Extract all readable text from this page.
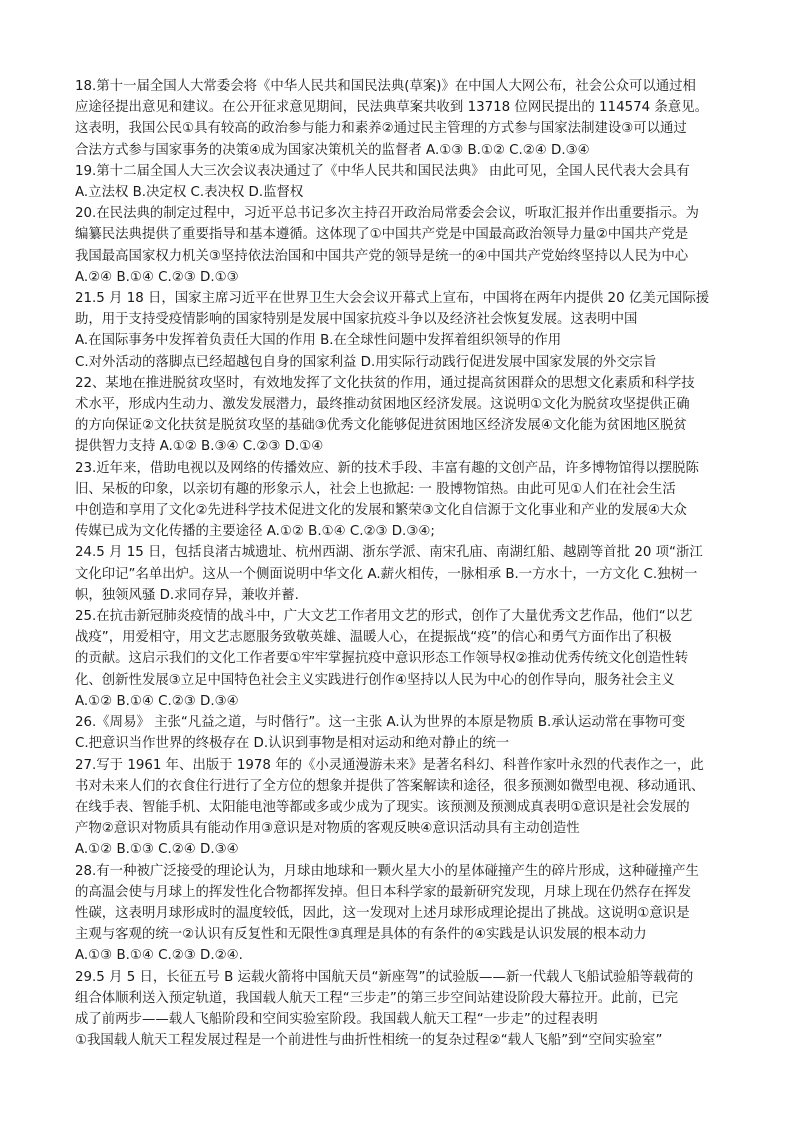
18.第十一届全国人大常委会将《中华人民共和国民法典(草案)》在中国人大网公布，社会公众可以通过相

应途径提出意见和建议。在公开征求意见期间，民法典草案共收到 13718 位网民提出的 114574 条意见。

这表明，我国公民①具有较高的政治参与能力和素养②通过民主管理的方式参与国家法制建设③可以通过

合法方式参与国家事务的决策④成为国家决策机关的监督者 A.①③ B.①② C.②④ D.③④

19.第十二届全国人大三次会议表决通过了《中华人民共和国民法典》 由此可见，全国人民代表大会具有

A.立法权 B.决定权 C.表决权 D.监督权

20.在民法典的制定过程中，习近平总书记多次主持召开政治局常委会会议，听取汇报并作出重要指示。为

编纂民法典提供了重要指导和基本遵循。这体现了①中国共产党是中国最高政治领导力量②中国共产党是

我国最高国家权力机关③坚持依法治国和中国共产党的领导是统一的④中国共产党始终坚持以人民为中心

A.②④ B.①④ C.②③ D.①③

21.5 月 18 日，国家主席习近平在世界卫生大会会议开幕式上宣布，中国将在两年内提供 20 亿美元国际援

助，用于支持受疫情影响的国家特别是发展中国家抗疫斗争以及经济社会恢复发展。这表明中国

A.在国际事务中发挥着负责任大国的作用 B.在全球性问题中发挥着组织领导的作用

C.对外活动的落脚点已经超越包自身的国家利益 D.用实际行动践行促进发展中国家发展的外交宗旨

22、某地在推进脱贫攻坚时，有效地发挥了文化扶贫的作用，通过提高贫困群众的思想文化素质和科学技

术水平，形成内生动力、激发发展潜力，最终推动贫困地区经济发展。这说明①文化为脱贫攻坚提供正确

的方向保证②文化扶贫是脱贫攻坚的基础③优秀文化能够促进贫困地区经济发展④文化能为贫困地区脱贫

提供智力支持 A.①② B.③④ C.②③ D.①④

23.近年来，借助电视以及网络的传播效应、新的技术手段、丰富有趣的文创产品，许多博物馆得以摆脱陈

旧、呆板的印象，以亲切有趣的形象示人，社会上也掀起: 一 股博物馆热。由此可见①人们在社会生活

中创造和享用了文化②先进科学技术促进文化的发展和繁荣③文化自信源于文化事业和产业的发展④大众

传媒已成为文化传播的主要途径 A.①② B.①④ C.②③ D.③④;

24.5 月 15 日，包括良渚古城遗址、杭州西湖、浙东学派、南宋孔庙、南湖红船、越剧等首批 20 项“浙江

文化印记”名单出炉。这从一个侧面说明中华文化 A.薪火相传，一脉相承 B.一方水十，一方文化 C.独树一

帜，独领风骚 D.求同存异，兼收并蓄.

25.在抗击新冠肺炎疫情的战斗中，广大文艺工作者用文艺的形式，创作了大量优秀文艺作品，他们“以艺

战疫”，用爱相守，用文艺志愿服务致敬英雄、温暖人心，在提振战“疫”的信心和勇气方面作出了积极

的贡献。这启示我们的文化工作者要①牢牢掌握抗疫中意识形态工作领导权②推动优秀传统文化创造性转

化、创新性发展③立足中国特色社会主义实践进行创作④坚持以人民为中心的创作导向，服务社会主义

A.①② B.①④ C.②③ D.③④

26.《周易》 主张“凡益之道，与时偕行”。这一主张 A.认为世界的本原是物质 B.承认运动常在事物可变

C.把意识当作世界的终极存在 D.认识到事物是相对运动和绝对静止的统一

27.写于 1961 年、出版于 1978 年的《小灵通漫游未来》是著名科幻、科普作家叶永烈的代表作之一，此

书对未来人们的衣食住行进行了全方位的想象并提供了答案解读和途径，很多预测如微型电视、移动通讯、

在线手表、智能手机、太阳能电池等都或多或少成为了现实。该预测及预测成真表明①意识是社会发展的

产物②意识对物质具有能动作用③意识是对物质的客观反映④意识活动具有主动创造性

A.①② B.①③ C.②④ D.③④

28.有一种被广泛接受的理论认为，月球由地球和一颗火星大小的星体碰撞产生的碎片形成，这种碰撞产生

的高温会使与月球上的挥发性化合物都挥发掉。但日本科学家的最新研究发现，月球上现在仍然存在挥发

性碳，这表明月球形成时的温度较低，因此，这一发现对上述月球形成理论提出了挑战。这说明①意识是

主观与客观的统一②认识有反复性和无限性③真理是具体的有条件的④实践是认识发展的根本动力

A.①③ B.①④ C.②③ D.②④.

29.5 月 5 日，长征五号 B 运载火箭将中国航天员“新座驾”的试验版——新一代载人飞船试验船等载荷的

组合体顺利送入预定轨道，我国载人航天工程“三步走”的第三步空间站建设阶段大幕拉开。此前，已完

成了前两步——载人飞船阶段和空间实验室阶段。我国载人航天工程“一步走”的过程表明

①我国载人航天工程发展过程是一个前进性与曲折性相统一的复杂过程②“载人飞船”到“空间实验室”
